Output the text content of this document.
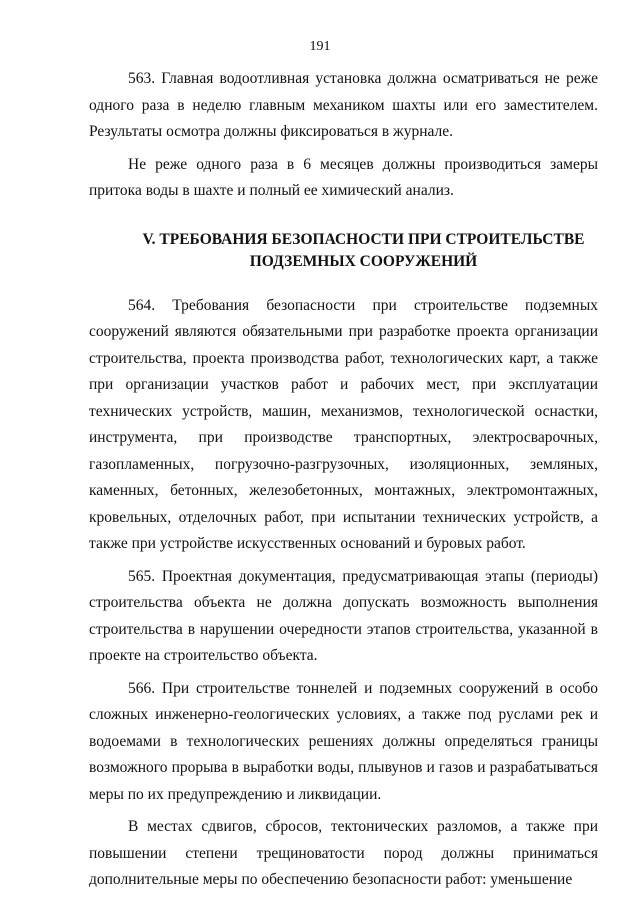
191

563. Главная водоотливная установка должна осматриваться не реже одного раза в неделю главным механиком шахты или его заместителем. Результаты осмотра должны фиксироваться в журнале.

Не реже одного раза в 6 месяцев должны производиться замеры притока воды в шахте и полный ее химический анализ.

V. ТРЕБОВАНИЯ БЕЗОПАСНОСТИ ПРИ СТРОИТЕЛЬСТВЕ
ПОДЗЕМНЫХ СООРУЖЕНИЙ

564. Требования безопасности при строительстве подземных сооружений являются обязательными при разработке проекта организации строительства, проекта производства работ, технологических карт, а также при организации участков работ и рабочих мест, при эксплуатации технических устройств, машин, механизмов, технологической оснастки, инструмента, при производстве транспортных, электросварочных, газопламенных, погрузочно-разгрузочных, изоляционных, земляных, каменных, бетонных, железобетонных, монтажных, электромонтажных, кровельных, отделочных работ, при испытании технических устройств, а также при устройстве искусственных оснований и буровых работ.

565. Проектная документация, предусматривающая этапы (периоды) строительства объекта не должна допускать возможность выполнения строительства в нарушении очередности этапов строительства, указанной в проекте на строительство объекта.

566. При строительстве тоннелей и подземных сооружений в особо сложных инженерно-геологических условиях, а также под руслами рек и водоемами в технологических решениях должны определяться границы возможного прорыва в выработки воды, плывунов и газов и разрабатываться меры по их предупреждению и ликвидации.

В местах сдвигов, сбросов, тектонических разломов, а также при повышении степени трещиноватости пород должны приниматься дополнительные меры по обеспечению безопасности работ: уменьшение
